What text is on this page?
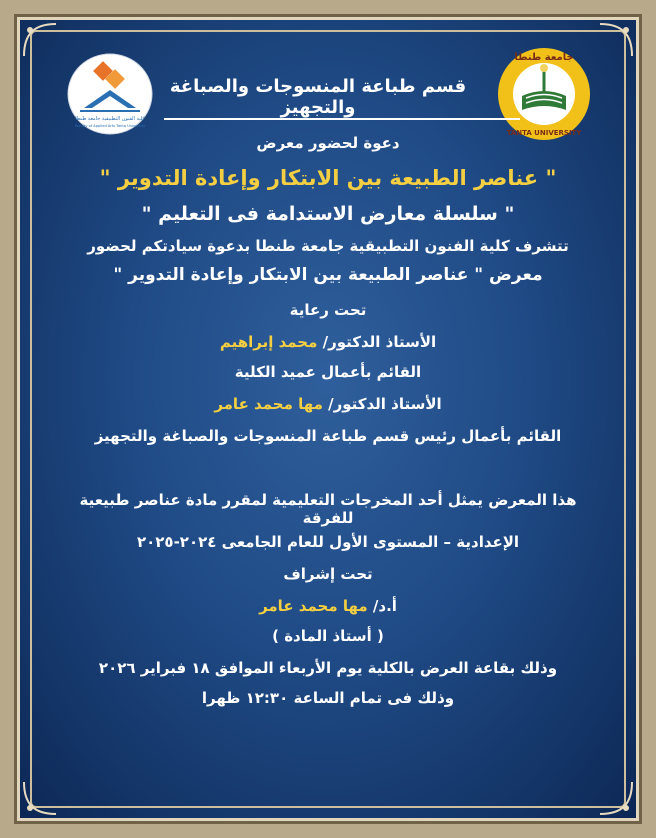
كلية الفنون التطبيقية جامعة طنطا
Faculty of Applied Arts Tanta University
جامعة طنطا
TANTA UNIVERSITY
قسم طباعة المنسوجات والصباغة والتجهيز
دعوة لحضور معرض
" عناصر الطبيعة بين الابتكار وإعادة التدوير "
" سلسلة معارض الاستدامة فى التعليم "
تتشرف كلية الفنون التطبيقية جامعة طنطا بدعوة سيادتكم لحضور
معرض " عناصر الطبيعة بين الابتكار وإعادة التدوير "
تحت رعاية
الأستاذ الدكتور/ محمد إبراهيم
القائم بأعمال عميد الكلية
الأستاذ الدكتور/ مها محمد عامر
القائم بأعمال رئيس قسم طباعة المنسوجات والصباغة والتجهيز
هذا المعرض يمثل أحد المخرجات التعليمية لمقرر مادة عناصر طبيعية للفرقة
الإعدادية – المستوى الأول للعام الجامعى ٢٠٢٤-٢٠٢٥
تحت إشراف
أ.د/ مها محمد عامر
( أستاذ المادة )
وذلك بقاعة العرض بالكلية يوم الأربعاء الموافق ١٨ فبراير ٢٠٢٦
وذلك فى تمام الساعة ١٢:٣٠ ظهرا
